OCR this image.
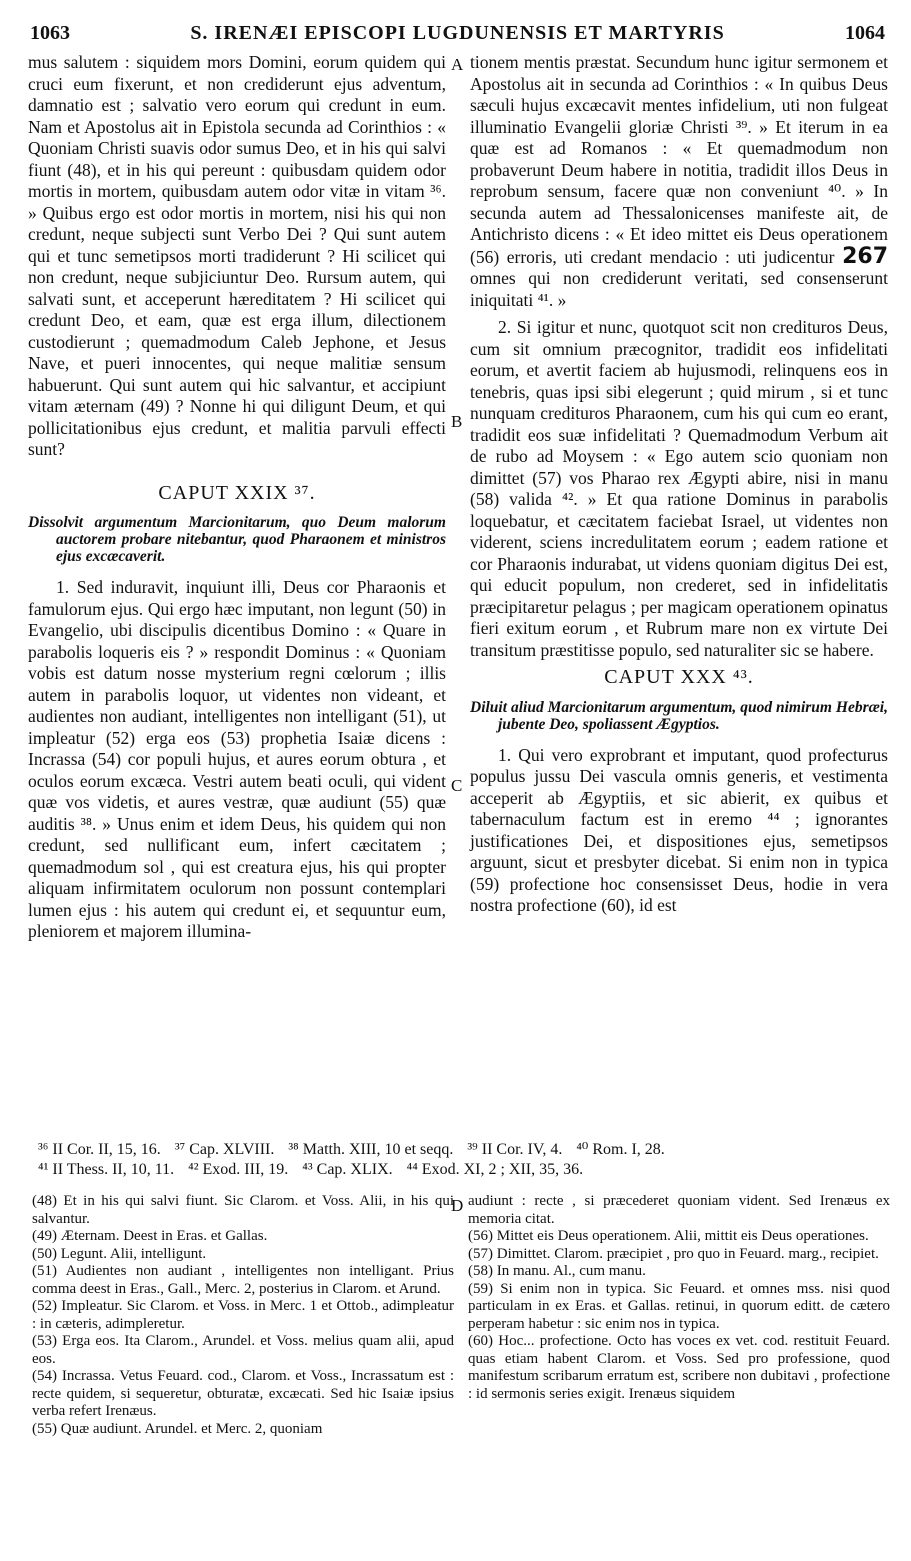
1063	S. IRENÆI EPISCOPI LUGDUNENSIS ET MARTYRIS	1064
A
B
C
D

mus salutem : siquidem mors Domini, eorum quidem qui cruci eum fixerunt, et non crediderunt ejus adventum, damnatio est ; salvatio vero eorum qui credunt in eum. Nam et Apostolus ait in Epistola secunda ad Corinthios : « Quoniam Christi suavis odor sumus Deo, et in his qui salvi fiunt (48), et in his qui pereunt : quibusdam quidem odor mortis in mortem, quibusdam autem odor vitæ in vitam ³⁶. » Quibus ergo est odor mortis in mortem, nisi his qui non credunt, neque subjecti sunt Verbo Dei ? Qui sunt autem qui et tunc semetipsos morti tradiderunt ? Hi scilicet qui non credunt, neque subjiciuntur Deo. Rursum autem, qui salvati sunt, et acceperunt hæreditatem ? Hi scilicet qui credunt Deo, et eam, quæ est erga illum, dilectionem custodierunt ; quemadmodum Caleb Jephone, et Jesus Nave, et pueri innocentes, qui neque malitiæ sensum habuerunt. Qui sunt autem qui hic salvantur, et accipiunt vitam æternam (49) ? Nonne hi qui diligunt Deum, et qui pollicitationibus ejus credunt, et malitia parvuli effecti sunt?

CAPUT XXIX ³⁷.
Dissolvit argumentum Marcionitarum, quo Deum malorum auctorem probare nitebantur, quod Pharaonem et ministros ejus excæcaverit.

1. Sed induravit, inquiunt illi, Deus cor Pharaonis et famulorum ejus. Qui ergo hæc imputant, non legunt (50) in Evangelio, ubi discipulis dicentibus Domino : « Quare in parabolis loqueris eis ? » respondit Dominus : « Quoniam vobis est datum nosse mysterium regni cœlorum ; illis autem in parabolis loquor, ut videntes non videant, et audientes non audiant, intelligentes non intelligant (51), ut impleatur (52) erga eos (53) prophetia Isaiæ dicens : Incrassa (54) cor populi hujus, et aures eorum obtura , et oculos eorum excæca. Vestri autem beati oculi, qui vident quæ vos videtis, et aures vestræ, quæ audiunt (55) quæ auditis ³⁸. » Unus enim et idem Deus, his quidem qui non credunt, sed nullificant eum, infert cæcitatem ; quemadmodum sol , qui est creatura ejus, his qui propter aliquam infirmitatem oculorum non possunt contemplari lumen ejus : his autem qui credunt ei, et sequuntur eum, pleniorem et majorem illumina-

tionem mentis præstat. Secundum hunc igitur sermonem et Apostolus ait in secunda ad Corinthios : « In quibus Deus sæculi hujus excæcavit mentes infidelium, uti non fulgeat illuminatio Evangelii gloriæ Christi ³⁹. » Et iterum in ea quæ est ad Romanos : « Et quemadmodum non probaverunt Deum habere in notitia, tradidit illos Deus in reprobum sensum, facere quæ non conveniunt ⁴⁰. » In secunda autem ad Thessalonicenses manifeste ait, de Antichristo dicens : « Et ideo mittet eis Deus operationem (56) erroris, uti credant mendacio : uti judicentur 267 omnes qui non crediderunt veritati, sed consenserunt iniquitati ⁴¹. »

2. Si igitur et nunc, quotquot scit non credituros Deus, cum sit omnium præcognitor, tradidit eos infidelitati eorum, et avertit faciem ab hujusmodi, relinquens eos in tenebris, quas ipsi sibi elegerunt ; quid mirum , si et tunc nunquam credituros Pharaonem, cum his qui cum eo erant, tradidit eos suæ infidelitati ? Quemadmodum Verbum ait de rubo ad Moysem : « Ego autem scio quoniam non dimittet (57) vos Pharao rex Ægypti abire, nisi in manu (58) valida ⁴². » Et qua ratione Dominus in parabolis loquebatur, et cæcitatem faciebat Israel, ut videntes non viderent, sciens incredulitatem eorum ; eadem ratione et cor Pharaonis indurabat, ut videns quoniam digitus Dei est, qui educit populum, non crederet, sed in infidelitatis præcipitaretur pelagus ; per magicam operationem opinatus fieri exitum eorum , et Rubrum mare non ex virtute Dei transitum præstitisse populo, sed naturaliter sic se habere.

CAPUT XXX ⁴³.
Diluit aliud Marcionitarum argumentum, quod nimirum Hebræi, jubente Deo, spoliassent Ægyptios.

1. Qui vero exprobrant et imputant, quod profecturus populus jussu Dei vascula omnis generis, et vestimenta acceperit ab Ægyptiis, et sic abierit, ex quibus et tabernaculum factum est in eremo ⁴⁴ ; ignorantes justificationes Dei, et dispositiones ejus, semetipsos arguunt, sicut et presbyter dicebat. Si enim non in typica (59) profectione hoc consensisset Deus, hodie in vera nostra profectione (60), id est

³⁶ II Cor. II, 15, 16. ³⁷ Cap. XLVIII. ³⁸ Matth. XIII, 10 et seqq. ³⁹ II Cor. IV, 4. ⁴⁰ Rom. I, 28.
⁴¹ II Thess. II, 10, 11. ⁴² Exod. III, 19. ⁴³ Cap. XLIX. ⁴⁴ Exod. XI, 2 ; XII, 35, 36.
(48) Et in his qui salvi fiunt. Sic Clarom. et Voss. Alii, in his qui salvantur.
(49) Æternam. Deest in Eras. et Gallas.
(50) Legunt. Alii, intelligunt.
(51) Audientes non audiant , intelligentes non intelligant. Prius comma deest in Eras., Gall., Merc. 2, posterius in Clarom. et Arund.
(52) Impleatur. Sic Clarom. et Voss. in Merc. 1 et Ottob., adimpleatur : in cæteris, adimpleretur.
(53) Erga eos. Ita Clarom., Arundel. et Voss. melius quam alii, apud eos.
(54) Incrassa. Vetus Feuard. cod., Clarom. et Voss., Incrassatum est : recte quidem, si sequeretur, obturatæ, excæcati. Sed hic Isaiæ ipsius verba refert Irenæus.
(55) Quæ audiunt. Arundel. et Merc. 2, quoniam
audiunt : recte , si præcederet quoniam vident. Sed Irenæus ex memoria citat.
(56) Mittet eis Deus operationem. Alii, mittit eis Deus operationes.
(57) Dimittet. Clarom. præcipiet , pro quo in Feuard. marg., recipiet.
(58) In manu. Al., cum manu.
(59) Si enim non in typica. Sic Feuard. et omnes mss. nisi quod particulam in ex Eras. et Gallas. retinui, in quorum editt. de cætero perperam habetur : sic enim nos in typica.
(60) Hoc... profectione. Octo has voces ex vet. cod. restituit Feuard. quas etiam habent Clarom. et Voss. Sed pro professione, quod manifestum scribarum erratum est, scribere non dubitavi , profectione : id sermonis series exigit. Irenæus siquidem
